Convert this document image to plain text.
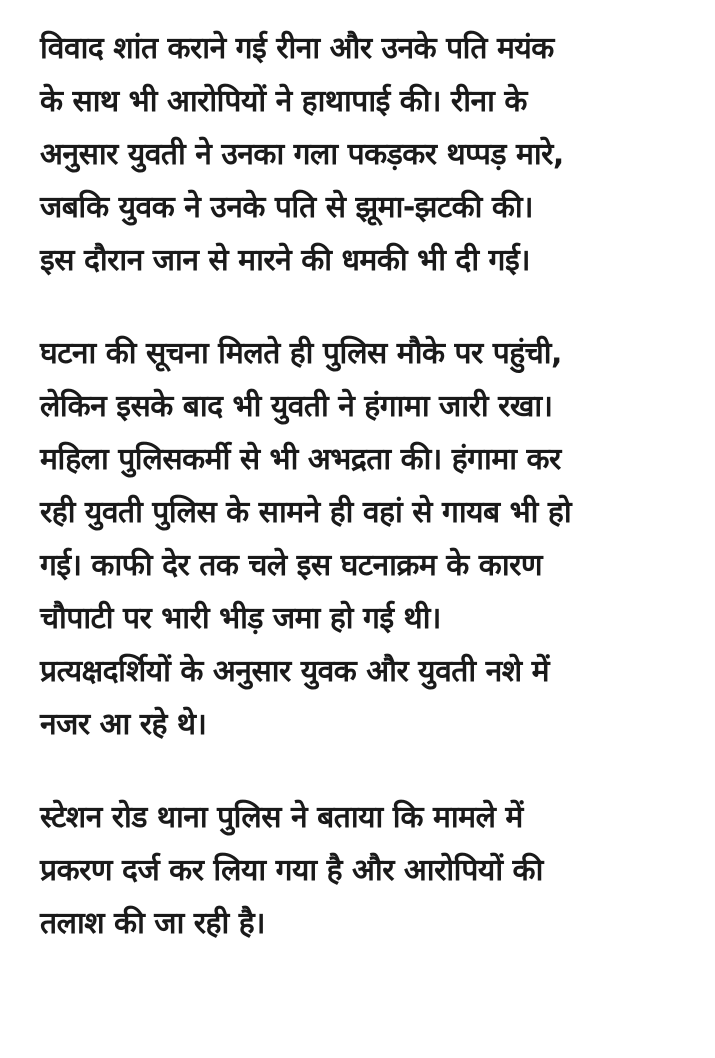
विवाद शांत कराने गई रीना और उनके पति मयंक
के साथ भी आरोपियों ने हाथापाई की। रीना के
अनुसार युवती ने उनका गला पकड़कर थप्पड़ मारे,
जबकि युवक ने उनके पति से झूमा-झटकी की।
इस दौरान जान से मारने की धमकी भी दी गई।

घटना की सूचना मिलते ही पुलिस मौके पर पहुंची,
लेकिन इसके बाद भी युवती ने हंगामा जारी रखा।
महिला पुलिसकर्मी से भी अभद्रता की। हंगामा कर
रही युवती पुलिस के सामने ही वहां से गायब भी हो
गई। काफी देर तक चले इस घटनाक्रम के कारण
चौपाटी पर भारी भीड़ जमा हो गई थी।
प्रत्यक्षदर्शियों के अनुसार युवक और युवती नशे में
नजर आ रहे थे।

स्टेशन रोड थाना पुलिस ने बताया कि मामले में
प्रकरण दर्ज कर लिया गया है और आरोपियों की
तलाश की जा रही है।
